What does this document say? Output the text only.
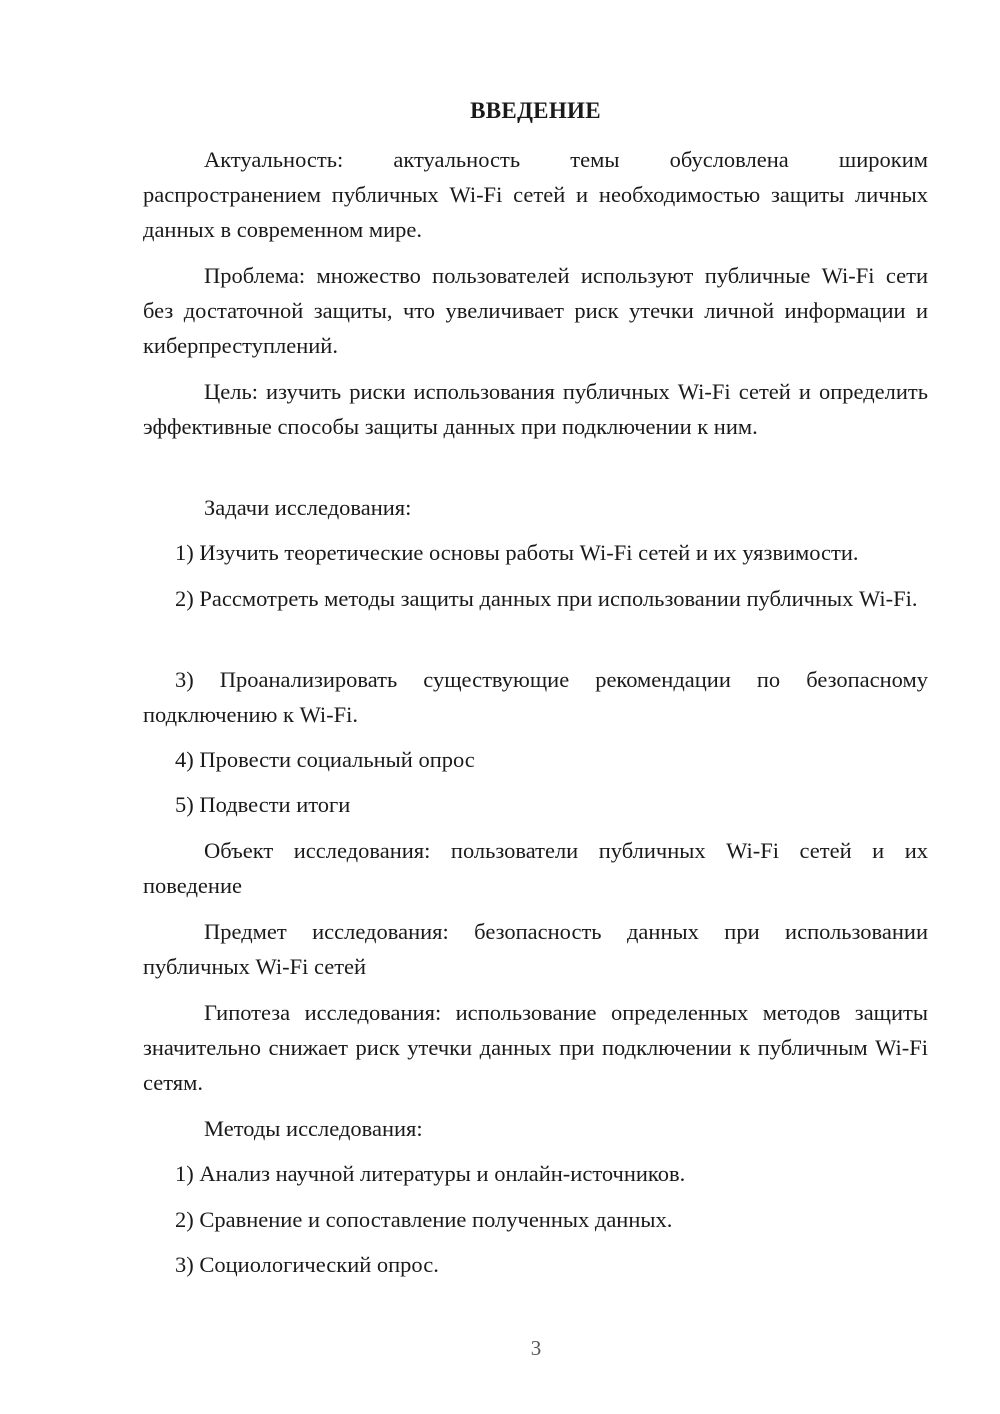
ВВЕДЕНИЕ

Актуальность: актуальность темы обусловлена широким распространением публичных Wi-Fi сетей и необходимостью защиты личных данных в современном мире.

Проблема: множество пользователей используют публичные Wi-Fi сети без достаточной защиты, что увеличивает риск утечки личной информации и киберпреступлений.

Цель: изучить риски использования публичных Wi-Fi сетей и определить эффективные способы защиты данных при подключении к ним.

Задачи исследования:

1) Изучить теоретические основы работы Wi-Fi сетей и их уязвимости.

2) Рассмотреть методы защиты данных при использовании публичных Wi-Fi.

3) Проанализировать существующие рекомендации по безопасному подключению к Wi-Fi.

4) Провести социальный опрос

5) Подвести итоги

Объект исследования: пользователи публичных Wi-Fi сетей и их поведение

Предмет исследования: безопасность данных при использовании публичных Wi-Fi сетей

Гипотеза исследования: использование определенных методов защиты значительно снижает риск утечки данных при подключении к публичным Wi-Fi сетям.

Методы исследования:

1) Анализ научной литературы и онлайн-источников.

2) Сравнение и сопоставление полученных данных.

3) Социологический опрос.

3
